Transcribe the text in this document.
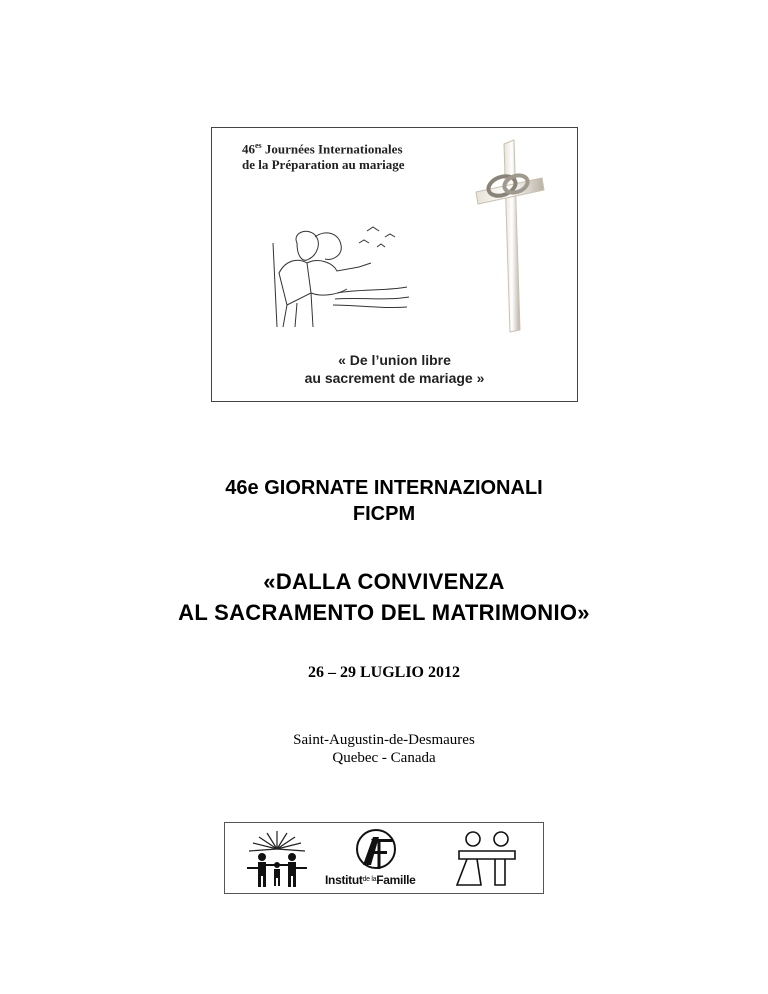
$46^{es}$ Journées Internationales
de la Préparation au mariage
« De l’union libre
au sacrement de mariage »
46e GIORNATE INTERNAZIONALI
FICPM
«DALLA CONVIVENZA
AL SACRAMENTO DEL MATRIMONIO»
26 – 29 LUGLIO 2012
Saint-Augustin-de-Desmaures
Quebec - Canada
Institut$^{de la}$Famille
